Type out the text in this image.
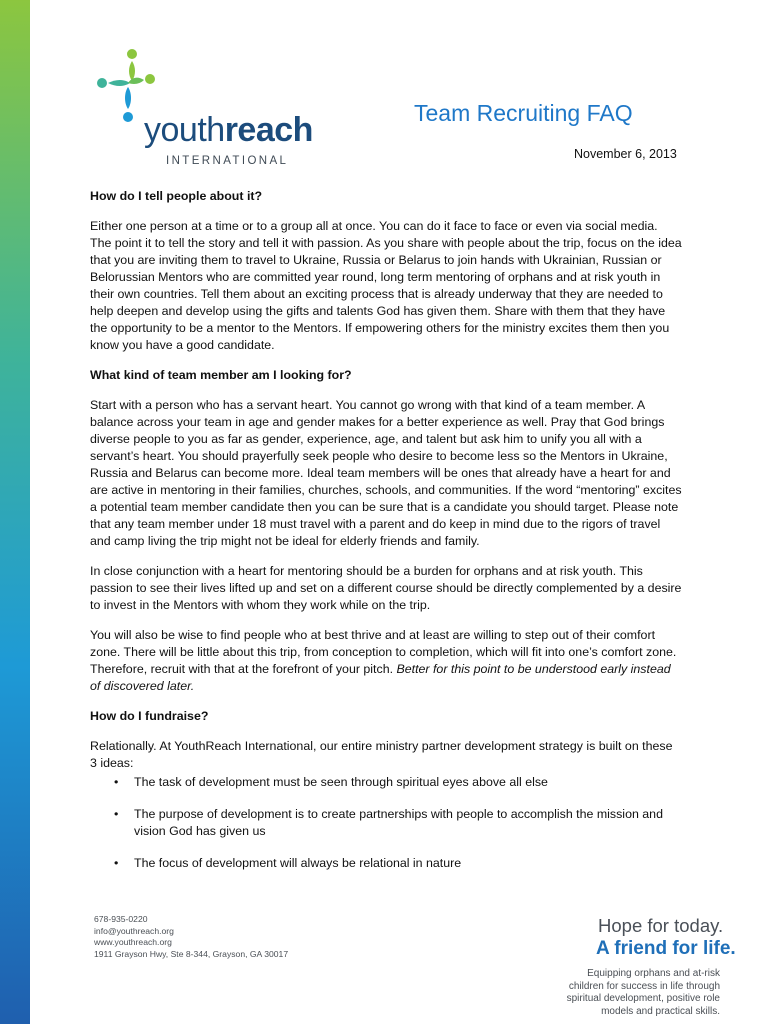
youthreach
INTERNATIONAL
Team Recruiting FAQ
November 6, 2013
How do I tell people about it?

Either one person at a time or to a group all at once. You can do it face to face or even via social media. The point it to tell the story and tell it with passion. As you share with people about the trip, focus on the idea that you are inviting them to travel to Ukraine, Russia or Belarus to join hands with Ukrainian, Russian or Belorussian Mentors who are committed year round, long term mentoring of orphans and at risk youth in their own countries. Tell them about an exciting process that is already underway that they are needed to help deepen and develop using the gifts and talents God has given them. Share with them that they have the opportunity to be a mentor to the Mentors. If empowering others for the ministry excites them then you know you have a good candidate.

What kind of team member am I looking for?

Start with a person who has a servant heart. You cannot go wrong with that kind of a team member. A balance across your team in age and gender makes for a better experience as well. Pray that God brings diverse people to you as far as gender, experience, age, and talent but ask him to unify you all with a servant’s heart. You should prayerfully seek people who desire to become less so the Mentors in Ukraine, Russia and Belarus can become more. Ideal team members will be ones that already have a heart for and are active in mentoring in their families, churches, schools, and communities. If the word “mentoring” excites a potential team member candidate then you can be sure that is a candidate you should target. Please note that any team member under 18 must travel with a parent and do keep in mind due to the rigors of travel and camp living the trip might not be ideal for elderly friends and family.

In close conjunction with a heart for mentoring should be a burden for orphans and at risk youth. This passion to see their lives lifted up and set on a different course should be directly complemented by a desire to invest in the Mentors with whom they work while on the trip.

You will also be wise to find people who at best thrive and at least are willing to step out of their comfort zone. There will be little about this trip, from conception to completion, which will fit into one’s comfort zone. Therefore, recruit with that at the forefront of your pitch. Better for this point to be understood early instead of discovered later.

How do I fundraise?

Relationally. At YouthReach International, our entire ministry partner development strategy is built on these 3 ideas:

• The task of development must be seen through spiritual eyes above all else
• The purpose of development is to create partnerships with people to accomplish the mission and vision God has given us
• The focus of development will always be relational in nature
678-935-0220
info@youthreach.org
www.youthreach.org
1911 Grayson Hwy, Ste 8-344, Grayson, GA 30017
Hope for today.
A friend for life.
Equipping orphans and at-risk
children for success in life through
spiritual development, positive role
models and practical skills.
